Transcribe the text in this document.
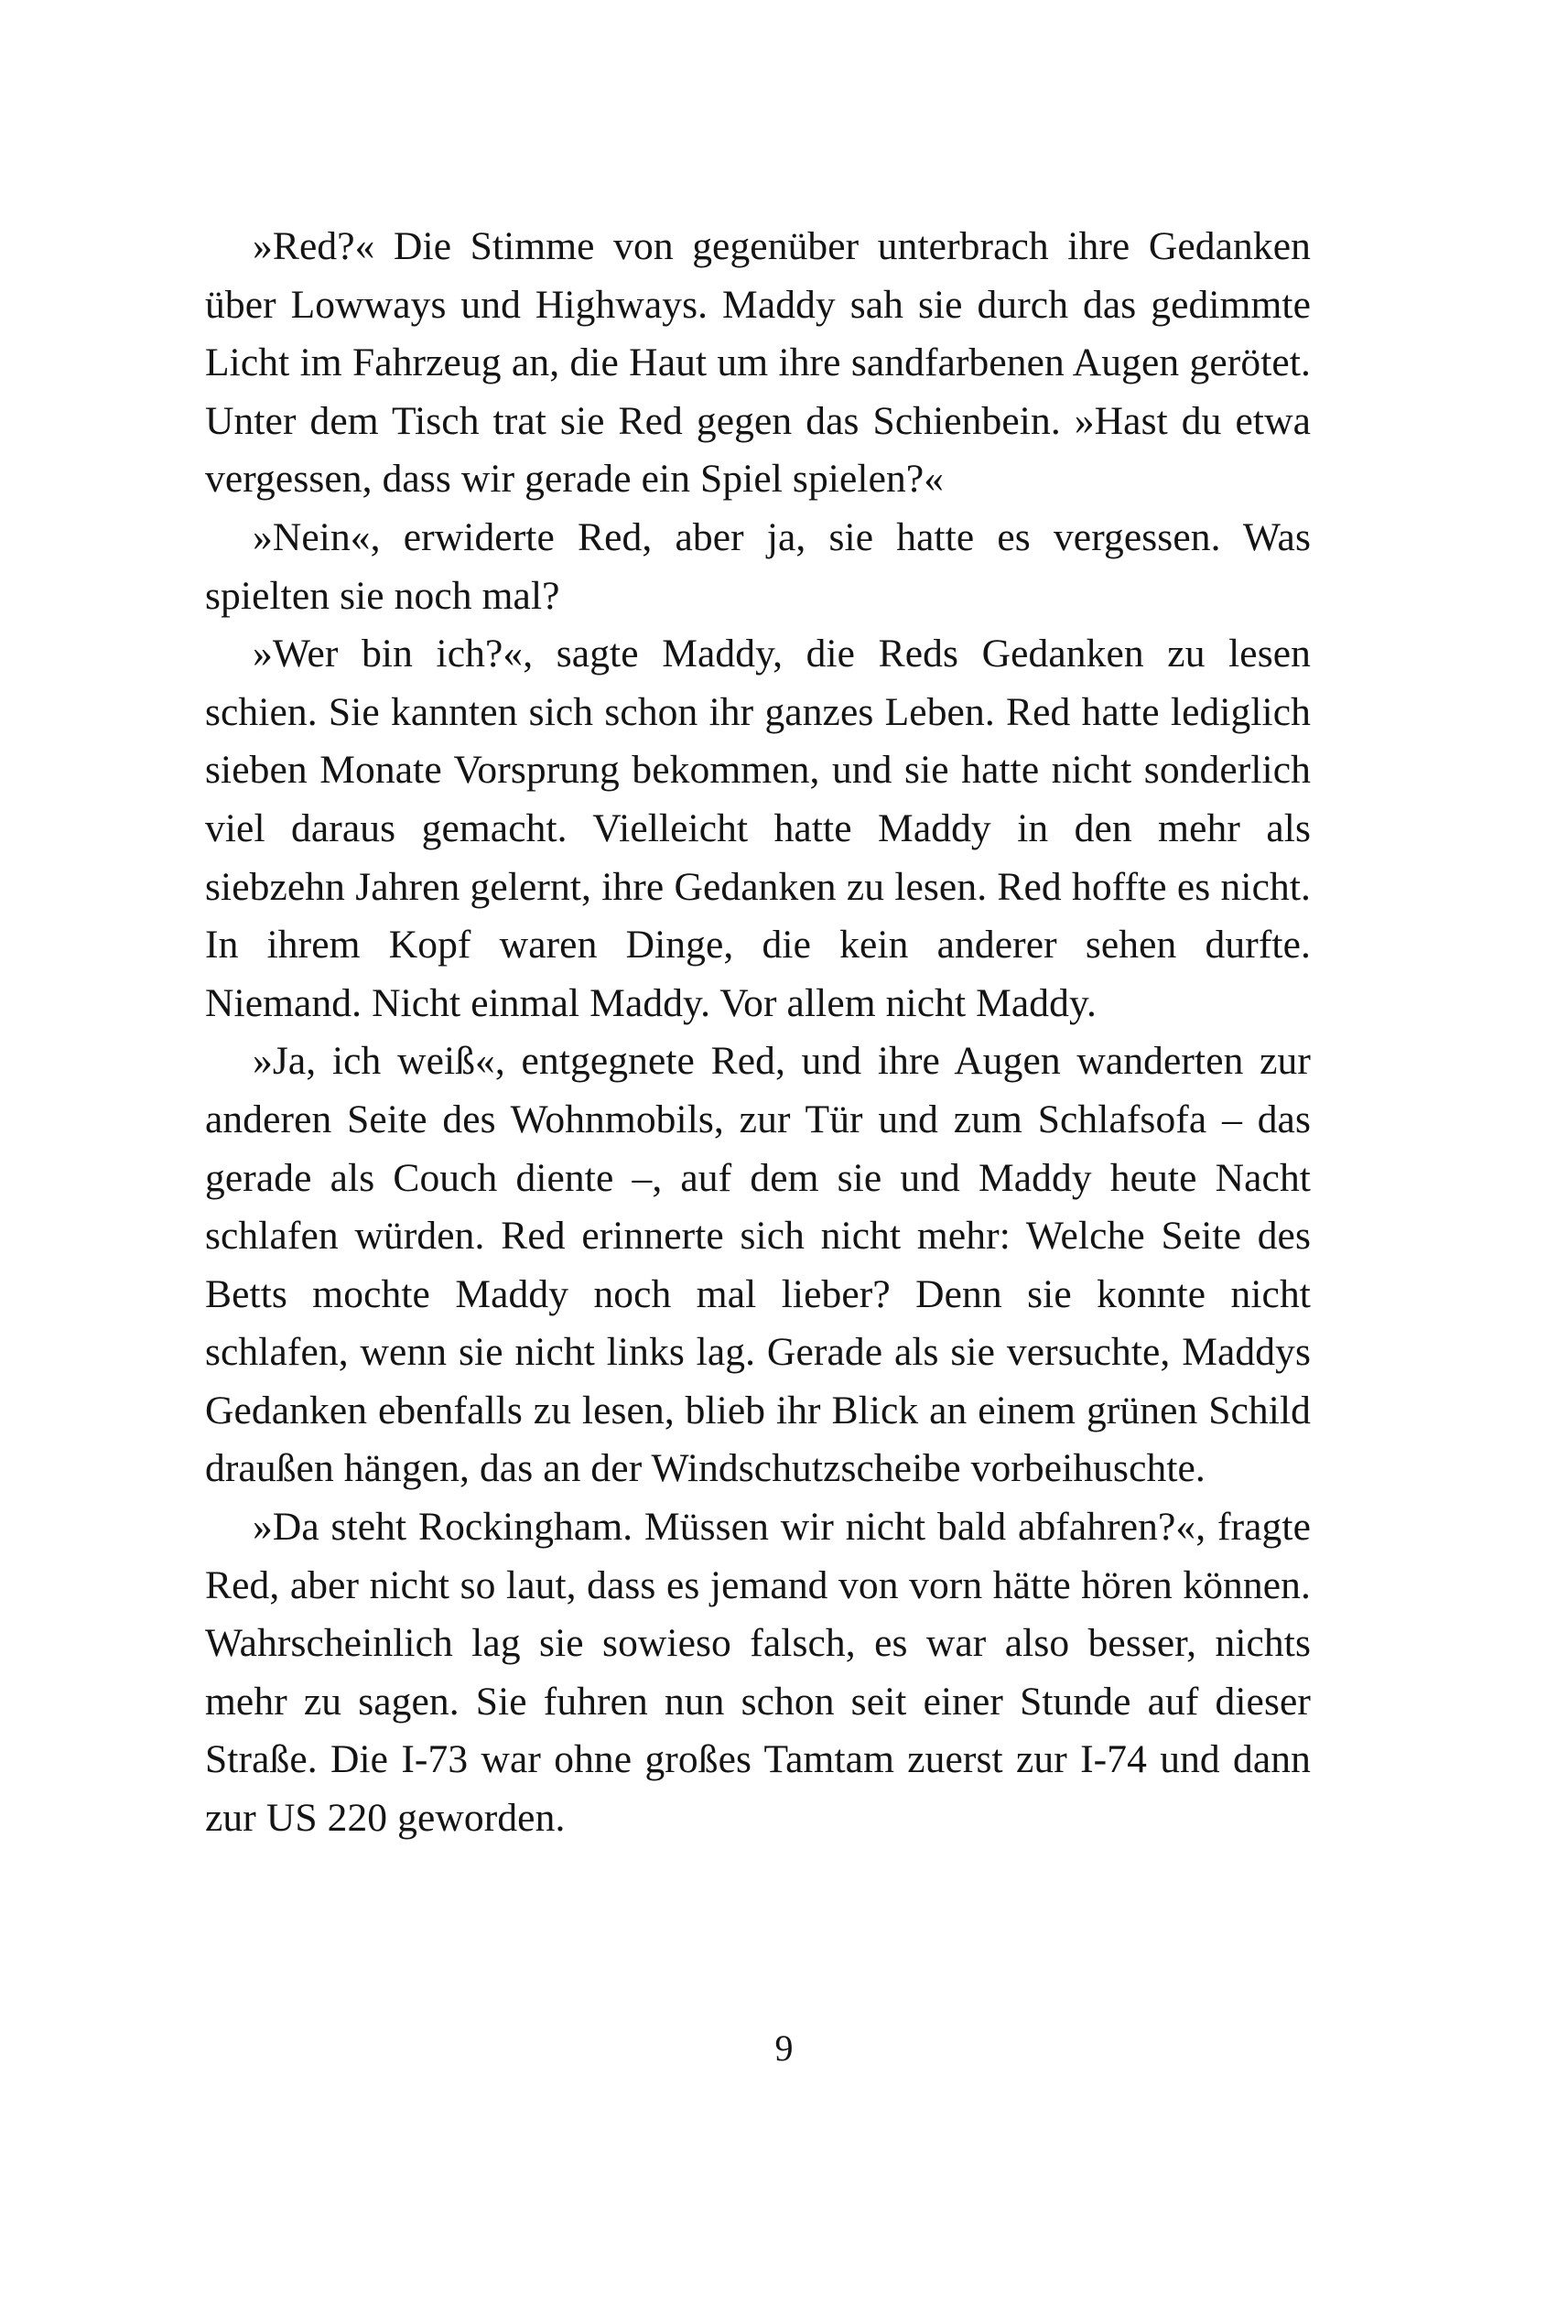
»Red?« Die Stimme von gegenüber unterbrach ihre Gedanken über Lowways und Highways. Maddy sah sie durch das gedimmte Licht im Fahrzeug an, die Haut um ihre sandfarbenen Augen gerötet. Unter dem Tisch trat sie Red gegen das Schienbein. »Hast du etwa vergessen, dass wir gerade ein Spiel spielen?«

»Nein«, erwiderte Red, aber ja, sie hatte es vergessen. Was spielten sie noch mal?

»Wer bin ich?«, sagte Maddy, die Reds Gedanken zu lesen schien. Sie kannten sich schon ihr ganzes Leben. Red hatte lediglich sieben Monate Vorsprung bekommen, und sie hatte nicht sonderlich viel daraus gemacht. Vielleicht hatte Maddy in den mehr als siebzehn Jahren gelernt, ihre Gedanken zu lesen. Red hoffte es nicht. In ihrem Kopf waren Dinge, die kein anderer sehen durfte. Niemand. Nicht einmal Maddy. Vor allem nicht Maddy.

»Ja, ich weiß«, entgegnete Red, und ihre Augen wanderten zur anderen Seite des Wohnmobils, zur Tür und zum Schlafsofa – das gerade als Couch diente –, auf dem sie und Maddy heute Nacht schlafen würden. Red erinnerte sich nicht mehr: Welche Seite des Betts mochte Maddy noch mal lieber? Denn sie konnte nicht schlafen, wenn sie nicht links lag. Gerade als sie versuchte, Maddys Gedanken ebenfalls zu lesen, blieb ihr Blick an einem grünen Schild draußen hängen, das an der Windschutzscheibe vorbeihuschte.

»Da steht Rockingham. Müssen wir nicht bald abfahren?«, fragte Red, aber nicht so laut, dass es jemand von vorn hätte hören können. Wahrscheinlich lag sie sowieso falsch, es war also besser, nichts mehr zu sagen. Sie fuhren nun schon seit einer Stunde auf dieser Straße. Die I-73 war ohne großes Tamtam zuerst zur I-74 und dann zur US 220 geworden.

9
